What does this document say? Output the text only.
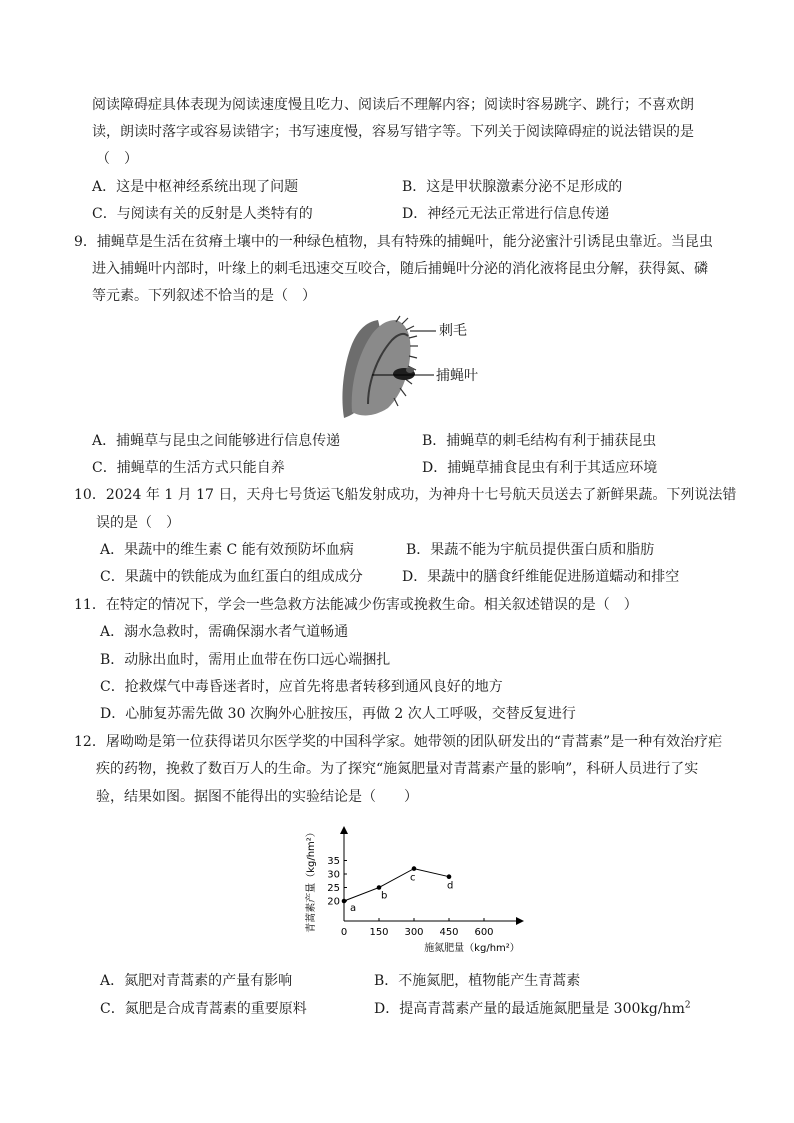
阅读障碍症具体表现为阅读速度慢且吃力、阅读后不理解内容；阅读时容易跳字、跳行；不喜欢朗
读，朗读时落字或容易读错字；书写速度慢，容易写错字等。下列关于阅读障碍症的说法错误的是
（　）
A．这是中枢神经系统出现了问题	B．这是甲状腺激素分泌不足形成的
C．与阅读有关的反射是人类特有的	D．神经元无法正常进行信息传递
9．捕蝇草是生活在贫瘠土壤中的一种绿色植物，具有特殊的捕蝇叶，能分泌蜜汁引诱昆虫靠近。当昆虫
进入捕蝇叶内部时，叶缘上的刺毛迅速交互咬合，随后捕蝇叶分泌的消化液将昆虫分解，获得氮、磷
等元素。下列叙述不恰当的是（　）
刺毛
捕蝇叶
A．捕蝇草与昆虫之间能够进行信息传递	B．捕蝇草的刺毛结构有利于捕获昆虫
C．捕蝇草的生活方式只能自养	D．捕蝇草捕食昆虫有利于其适应环境
10．2024 年 1 月 17 日，天舟七号货运飞船发射成功，为神舟十七号航天员送去了新鲜果蔬。下列说法错
误的是（　）
A．果蔬中的维生素 C 能有效预防坏血病	B．果蔬不能为宇航员提供蛋白质和脂肪
C．果蔬中的铁能成为血红蛋白的组成成分	D．果蔬中的膳食纤维能促进肠道蠕动和排空
11．在特定的情况下，学会一些急救方法能减少伤害或挽救生命。相关叙述错误的是（　）
A．溺水急救时，需确保溺水者气道畅通
B．动脉出血时，需用止血带在伤口远心端捆扎
C．抢救煤气中毒昏迷者时，应首先将患者转移到通风良好的地方
D．心肺复苏需先做 30 次胸外心脏按压，再做 2 次人工呼吸，交替反复进行
12．屠呦呦是第一位获得诺贝尔医学奖的中国科学家。她带领的团队研发出的“青蒿素”是一种有效治疗疟
疾的药物，挽救了数百万人的生命。为了探究“施氮肥量对青蒿素产量的影响”，科研人员进行了实
验，结果如图。据图不能得出的实验结论是（　　）
0 150 300 450 600
20
25
30
35
a
b
c
d
施氮肥量（kg/hm²）
青蒿素产量（kg/hm²）
A．氮肥对青蒿素的产量有影响	B．不施氮肥，植物能产生青蒿素
C．氮肥是合成青蒿素的重要原料	D．提高青蒿素产量的最适施氮肥量是 $300kg/hm^2$
